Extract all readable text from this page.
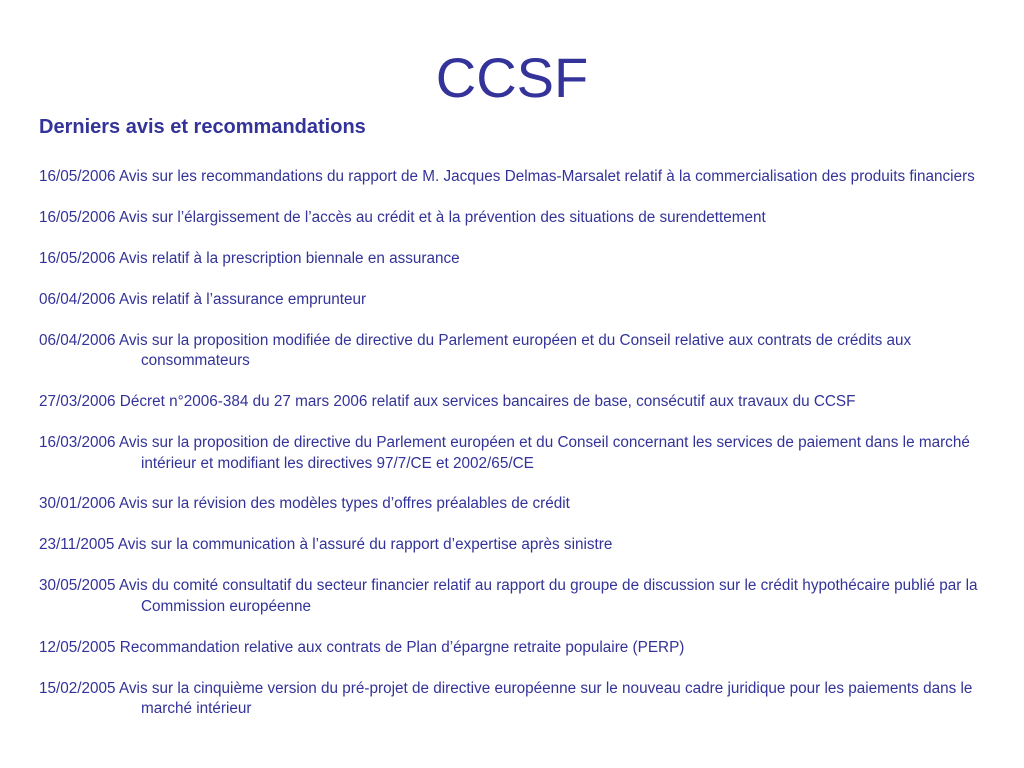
CCSF
Derniers avis et recommandations
16/05/2006 Avis sur les recommandations du rapport de M. Jacques Delmas-Marsalet relatif à la commercialisation des produits financiers
16/05/2006 Avis sur l’élargissement de l’accès au crédit et à la prévention des situations de surendettement
16/05/2006 Avis relatif à la prescription biennale en assurance
06/04/2006 Avis relatif à l’assurance emprunteur
06/04/2006 Avis sur la proposition modifiée de directive du Parlement européen et du Conseil relative aux contrats de crédits aux consommateurs
27/03/2006 Décret n°2006-384 du 27 mars 2006 relatif aux services bancaires de base, consécutif aux travaux du CCSF
16/03/2006 Avis sur la proposition de directive du Parlement européen et du Conseil concernant les services de paiement dans le marché intérieur et modifiant les directives 97/7/CE et 2002/65/CE
30/01/2006 Avis sur la révision des modèles types d’offres préalables de crédit
23/11/2005 Avis sur la communication à l’assuré du rapport d’expertise après sinistre
30/05/2005 Avis du comité consultatif du secteur financier relatif au rapport du groupe de discussion sur le crédit hypothécaire publié par la Commission européenne
12/05/2005 Recommandation relative aux contrats de Plan d’épargne retraite populaire (PERP)
15/02/2005 Avis sur la cinquième version du pré-projet de directive européenne sur le nouveau cadre juridique pour les paiements dans le marché intérieur
